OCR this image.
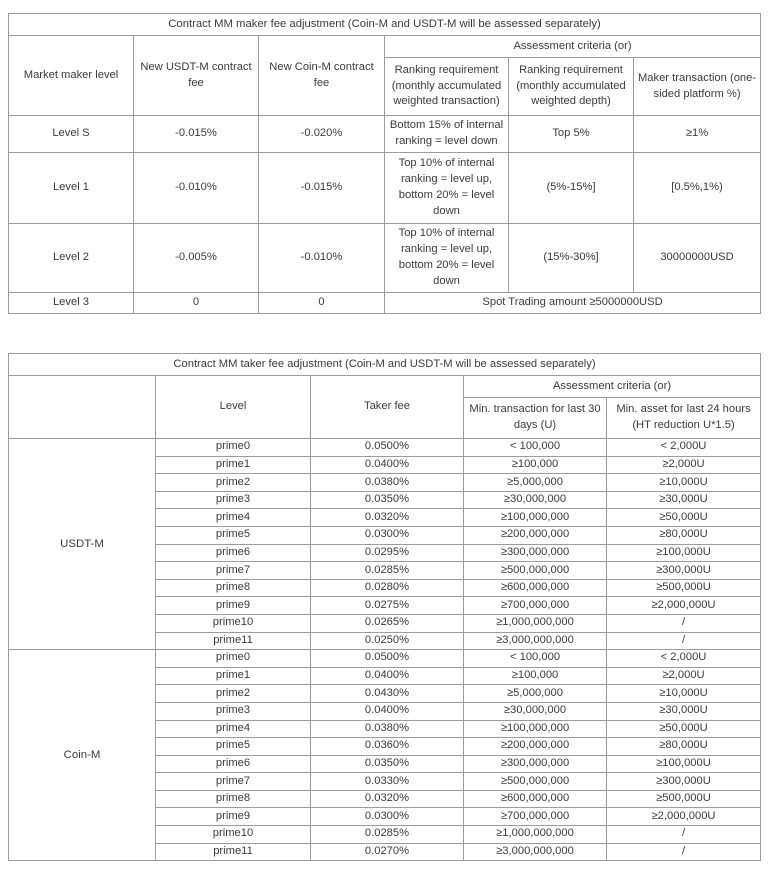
Contract MM maker fee adjustment (Coin-M and USDT-M will be assessed separately)					
Market maker level	New USDT-M contract fee	New Coin-M contract fee	Assessment criteria (or)		
			Ranking requirement (monthly accumulated weighted transaction)	Ranking requirement (monthly accumulated weighted depth)	Maker transaction (one-sided platform %)
Level S	-0.015%	-0.020%	Bottom 15% of internal ranking = level down	Top 5%	≥1%
Level 1	-0.010%	-0.015%	Top 10% of internal ranking = level up, bottom 20% = level down	(5%-15%]	[0.5%,1%)
Level 2	-0.005%	-0.010%	Top 10% of internal ranking = level up, bottom 20% = level down	(15%-30%]	30000000USD
Level 3	0	0	Spot Trading amount ≥5000000USD		
Contract MM taker fee adjustment (Coin-M and USDT-M will be assessed separately)				
	Level	Taker fee	Assessment criteria (or)	
			Min. transaction for last 30 days (U)	Min. asset for last 24 hours (HT reduction U*1.5)
USDT-M	prime0	0.0500%	< 100,000	< 2,000U
	prime1	0.0400%	≥100,000	≥2,000U
	prime2	0.0380%	≥5,000,000	≥10,000U
	prime3	0.0350%	≥30,000,000	≥30,000U
	prime4	0.0320%	≥100,000,000	≥50,000U
	prime5	0.0300%	≥200,000,000	≥80,000U
	prime6	0.0295%	≥300,000,000	≥100,000U
	prime7	0.0285%	≥500,000,000	≥300,000U
	prime8	0.0280%	≥600,000,000	≥500,000U
	prime9	0.0275%	≥700,000,000	≥2,000,000U
	prime10	0.0265%	≥1,000,000,000	/
	prime11	0.0250%	≥3,000,000,000	/
Coin-M	prime0	0.0500%	< 100,000	< 2,000U
	prime1	0.0400%	≥100,000	≥2,000U
	prime2	0.0430%	≥5,000,000	≥10,000U
	prime3	0.0400%	≥30,000,000	≥30,000U
	prime4	0.0380%	≥100,000,000	≥50,000U
	prime5	0.0360%	≥200,000,000	≥80,000U
	prime6	0.0350%	≥300,000,000	≥100,000U
	prime7	0.0330%	≥500,000,000	≥300,000U
	prime8	0.0320%	≥600,000,000	≥500,000U
	prime9	0.0300%	≥700,000,000	≥2,000,000U
	prime10	0.0285%	≥1,000,000,000	/
	prime11	0.0270%	≥3,000,000,000	/
